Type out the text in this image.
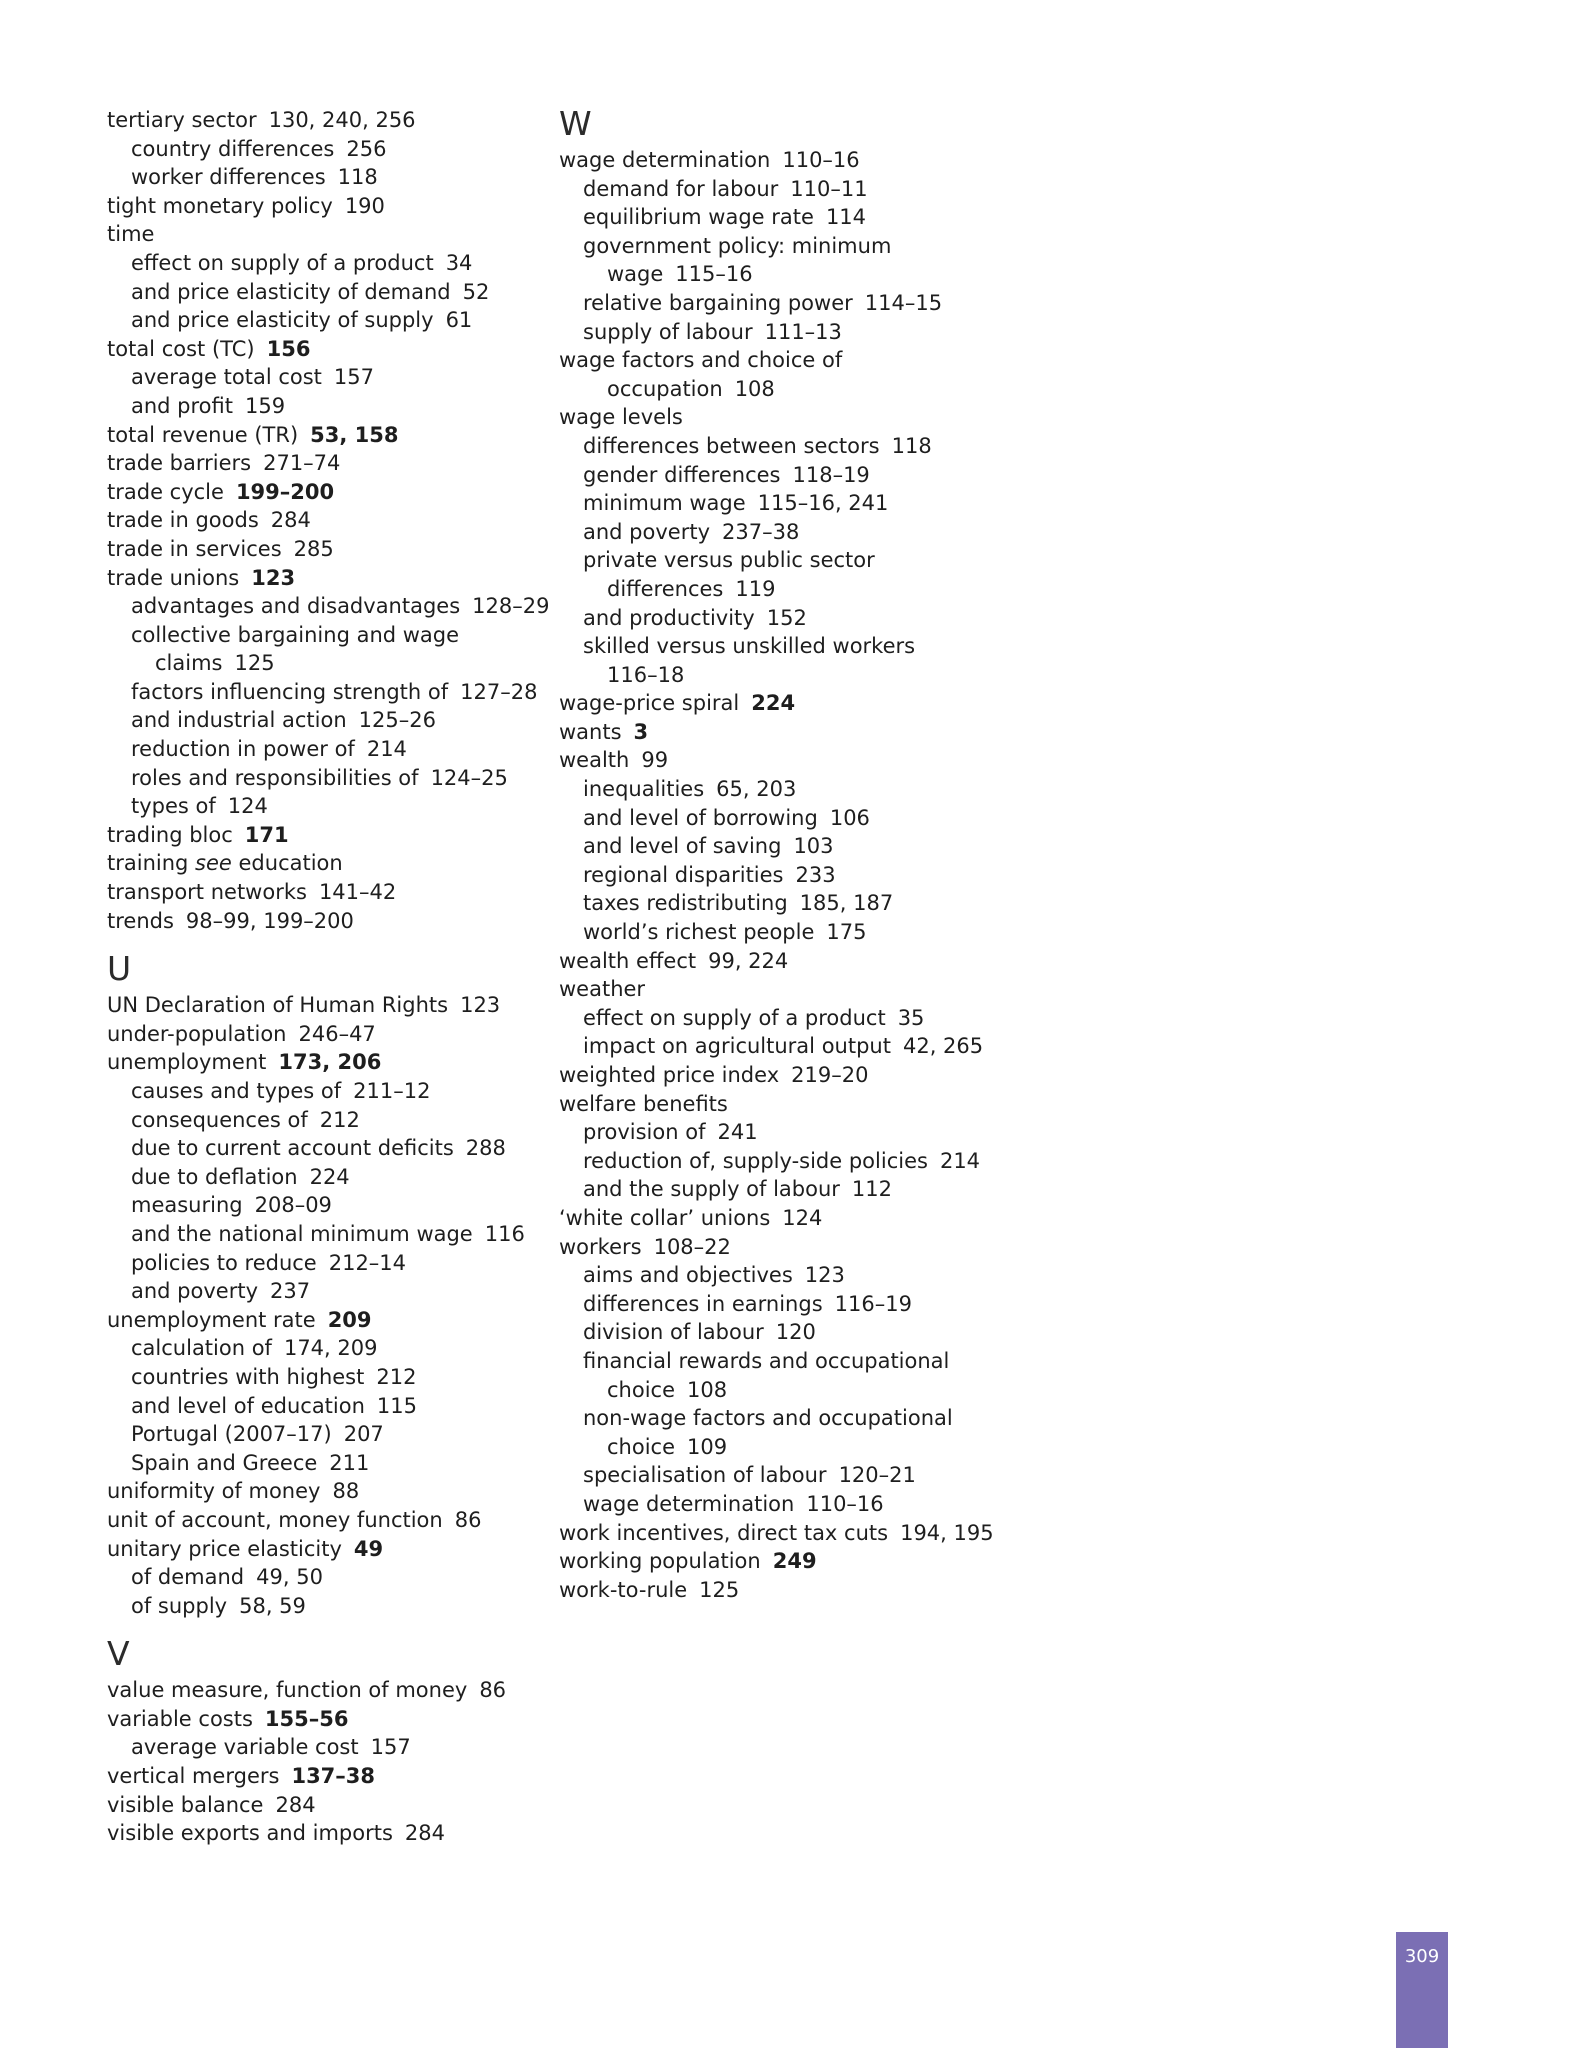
tertiary sector 130, 240, 256
country differences 256
worker differences 118
tight monetary policy 190
time
effect on supply of a product 34
and price elasticity of demand 52
and price elasticity of supply 61
total cost (TC) 156
average total cost 157
and profit 159
total revenue (TR) 53, 158
trade barriers 271–74
trade cycle 199–200
trade in goods 284
trade in services 285
trade unions 123
advantages and disadvantages 128–29
collective bargaining and wage
claims 125
factors influencing strength of 127–28
and industrial action 125–26
reduction in power of 214
roles and responsibilities of 124–25
types of 124
trading bloc 171
training see education
transport networks 141–42
trends 98–99, 199–200
U
UN Declaration of Human Rights 123
under-population 246–47
unemployment 173, 206
causes and types of 211–12
consequences of 212
due to current account deficits 288
due to deflation 224
measuring 208–09
and the national minimum wage 116
policies to reduce 212–14
and poverty 237
unemployment rate 209
calculation of 174, 209
countries with highest 212
and level of education 115
Portugal (2007–17) 207
Spain and Greece 211
uniformity of money 88
unit of account, money function 86
unitary price elasticity 49
of demand 49, 50
of supply 58, 59
V
value measure, function of money 86
variable costs 155–56
average variable cost 157
vertical mergers 137–38
visible balance 284
visible exports and imports 284
W
wage determination 110–16
demand for labour 110–11
equilibrium wage rate 114
government policy: minimum
wage 115–16
relative bargaining power 114–15
supply of labour 111–13
wage factors and choice of
occupation 108
wage levels
differences between sectors 118
gender differences 118–19
minimum wage 115–16, 241
and poverty 237–38
private versus public sector
differences 119
and productivity 152
skilled versus unskilled workers
116–18
wage-price spiral 224
wants 3
wealth 99
inequalities 65, 203
and level of borrowing 106
and level of saving 103
regional disparities 233
taxes redistributing 185, 187
world’s richest people 175
wealth effect 99, 224
weather
effect on supply of a product 35
impact on agricultural output 42, 265
weighted price index 219–20
welfare benefits
provision of 241
reduction of, supply-side policies 214
and the supply of labour 112
‘white collar’ unions 124
workers 108–22
aims and objectives 123
differences in earnings 116–19
division of labour 120
financial rewards and occupational
choice 108
non-wage factors and occupational
choice 109
specialisation of labour 120–21
wage determination 110–16
work incentives, direct tax cuts 194, 195
working population 249
work-to-rule 125
309
